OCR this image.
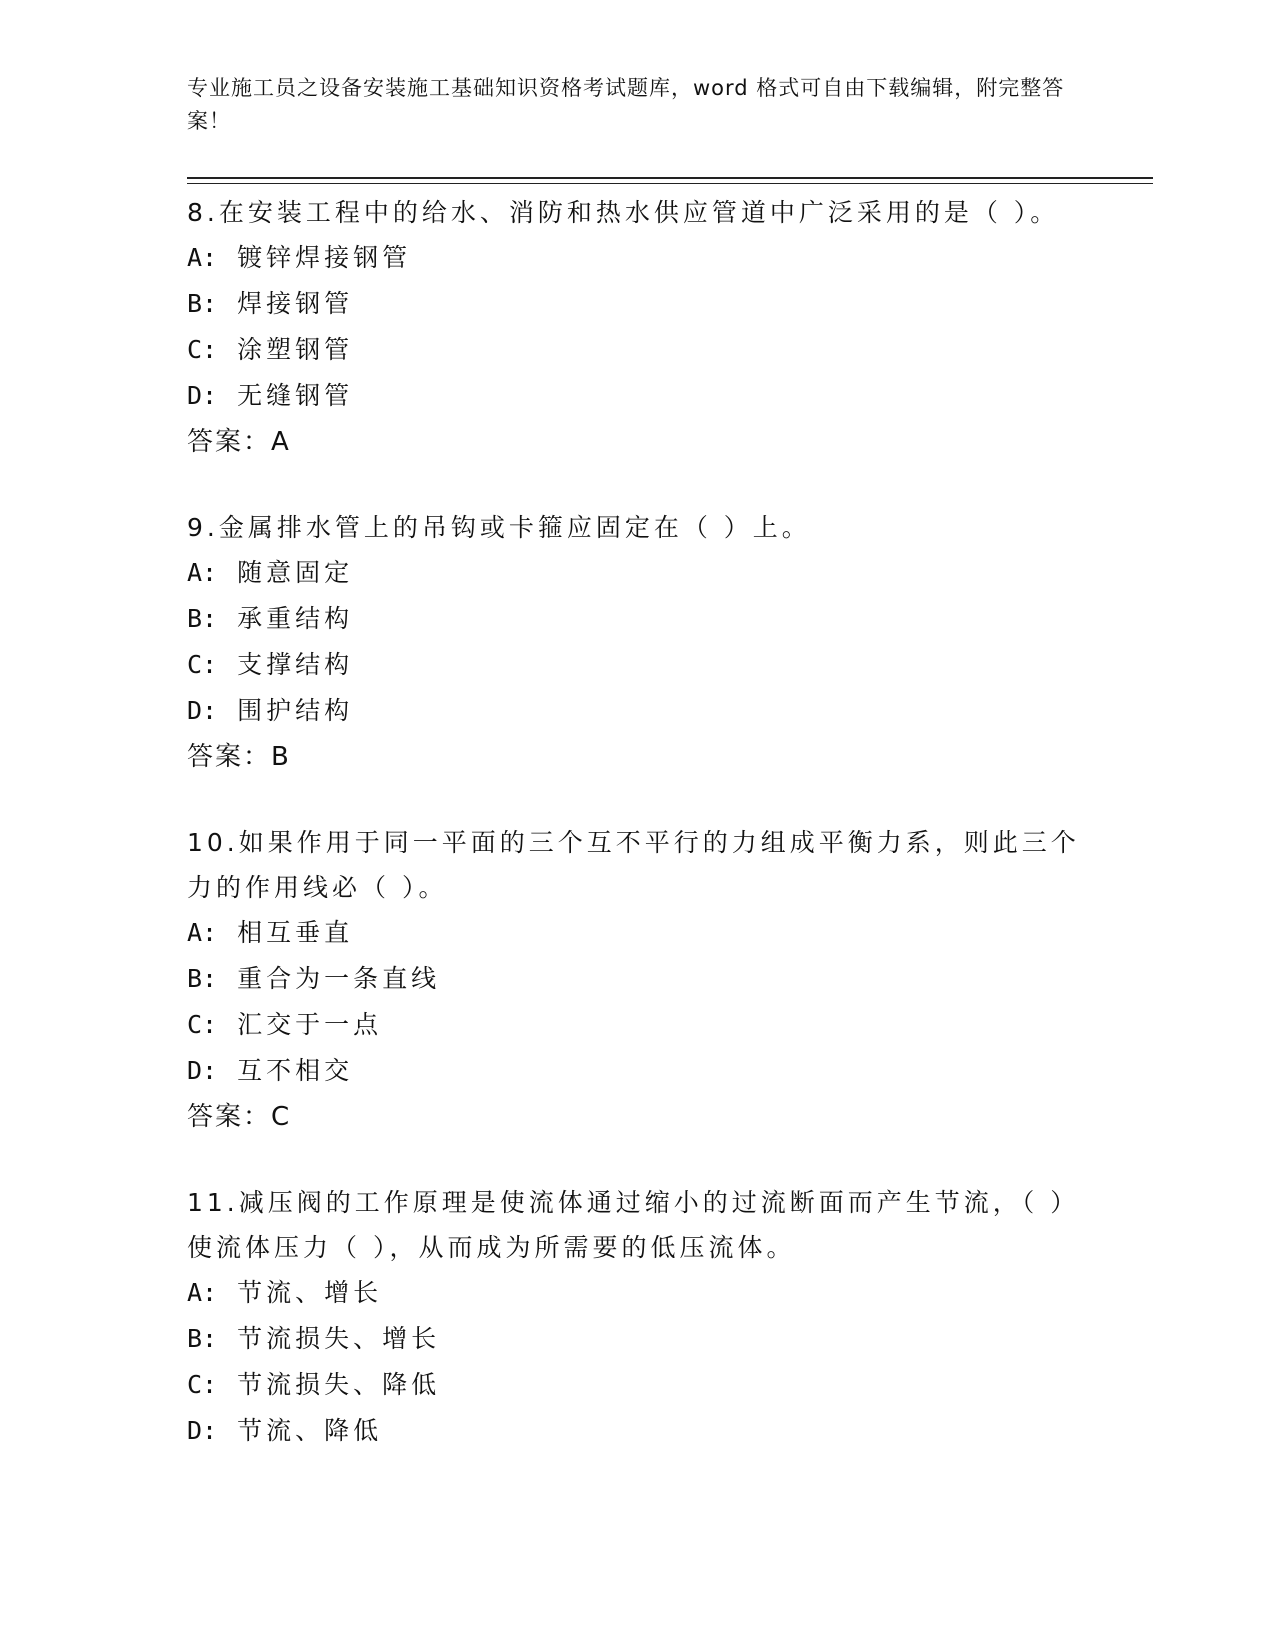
专业施工员之设备安装施工基础知识资格考试题库，word 格式可自由下载编辑，附完整答案！
8.在安装工程中的给水、消防和热水供应管道中广泛采用的是（ ）。
A: 镀锌焊接钢管
B: 焊接钢管
C: 涂塑钢管
D: 无缝钢管
答案：A
9.金属排水管上的吊钩或卡箍应固定在（ ）上。
A: 随意固定
B: 承重结构
C: 支撑结构
D: 围护结构
答案：B
10.如果作用于同一平面的三个互不平行的力组成平衡力系，则此三个力的作用线必（ ）。
A: 相互垂直
B: 重合为一条直线
C: 汇交于一点
D: 互不相交
答案：C
11.减压阀的工作原理是使流体通过缩小的过流断面而产生节流，（ ）使流体压力（ ），从而成为所需要的低压流体。
A: 节流、增长
B: 节流损失、增长
C: 节流损失、降低
D: 节流、降低
